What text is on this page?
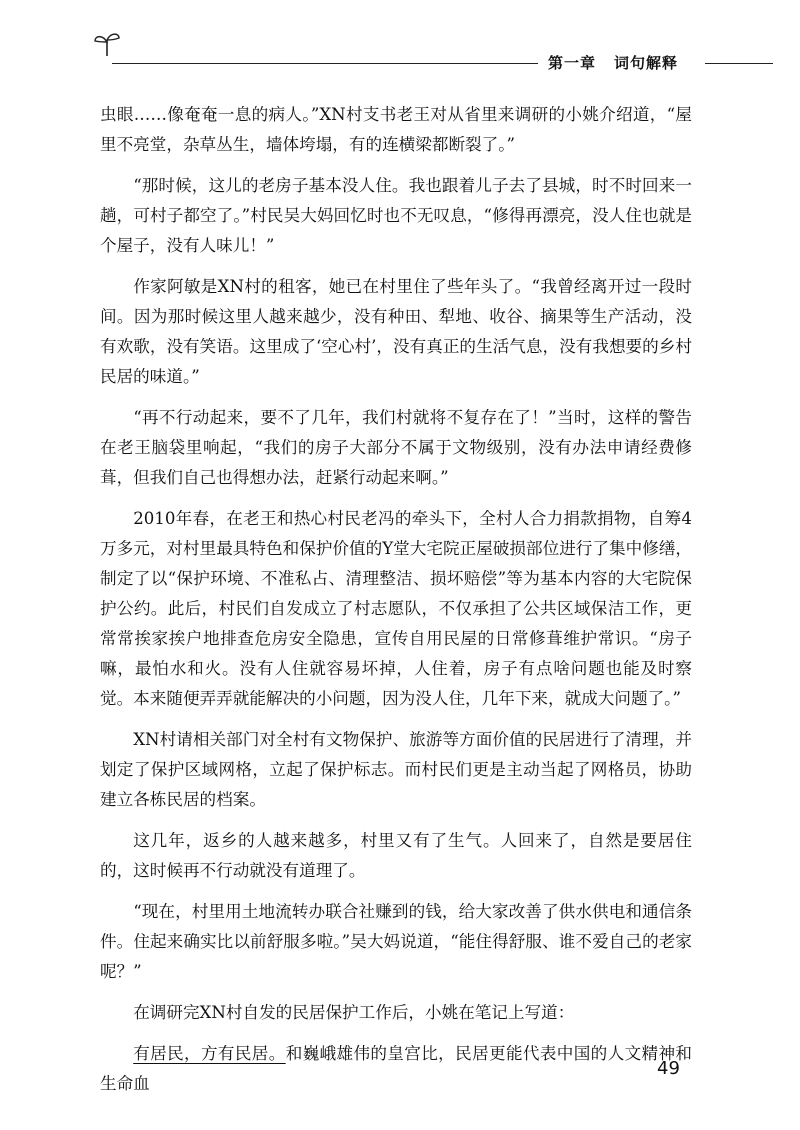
第一章 词句解释

虫眼……像奄奄一息的病人。”XN村支书老王对从省里来调研的小姚介绍道，“屋里不亮堂，杂草丛生，墙体垮塌，有的连横梁都断裂了。”

“那时候，这儿的老房子基本没人住。我也跟着儿子去了县城，时不时回来一趟，可村子都空了。”村民吴大妈回忆时也不无叹息，“修得再漂亮，没人住也就是个屋子，没有人味儿！”

作家阿敏是XN村的租客，她已在村里住了些年头了。“我曾经离开过一段时间。因为那时候这里人越来越少，没有种田、犁地、收谷、摘果等生产活动，没有欢歌，没有笑语。这里成了‘空心村’，没有真正的生活气息，没有我想要的乡村民居的味道。”

“再不行动起来，要不了几年，我们村就将不复存在了！”当时，这样的警告在老王脑袋里响起，“我们的房子大部分不属于文物级别，没有办法申请经费修葺，但我们自己也得想办法，赶紧行动起来啊。”

2010年春，在老王和热心村民老冯的牵头下，全村人合力捐款捐物，自筹4万多元，对村里最具特色和保护价值的Y堂大宅院正屋破损部位进行了集中修缮，制定了以“保护环境、不准私占、清理整洁、损坏赔偿”等为基本内容的大宅院保护公约。此后，村民们自发成立了村志愿队，不仅承担了公共区域保洁工作，更常常挨家挨户地排查危房安全隐患，宣传自用民屋的日常修葺维护常识。“房子嘛，最怕水和火。没有人住就容易坏掉，人住着，房子有点啥问题也能及时察觉。本来随便弄弄就能解决的小问题，因为没人住，几年下来，就成大问题了。”

XN村请相关部门对全村有文物保护、旅游等方面价值的民居进行了清理，并划定了保护区域网格，立起了保护标志。而村民们更是主动当起了网格员，协助建立各栋民居的档案。

这几年，返乡的人越来越多，村里又有了生气。人回来了，自然是要居住的，这时候再不行动就没有道理了。

“现在，村里用土地流转办联合社赚到的钱，给大家改善了供水供电和通信条件。住起来确实比以前舒服多啦。”吴大妈说道，“能住得舒服、谁不爱自己的老家呢？”

在调研完XN村自发的民居保护工作后，小姚在笔记上写道：

有居民，方有民居。和巍峨雄伟的皇宫比，民居更能代表中国的人文精神和生命血

49
